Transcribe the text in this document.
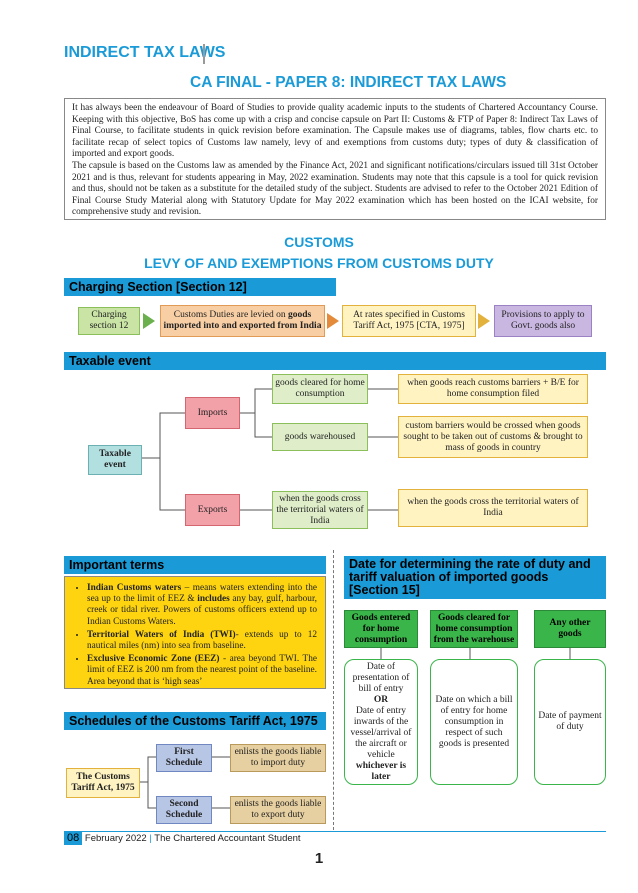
INDIRECT TAX LAWS
CA FINAL - PAPER 8: INDIRECT TAX LAWS

It has always been the endeavour of Board of Studies to provide quality academic inputs to the students of Chartered Accountancy Course. Keeping with this objective, BoS has come up with a crisp and concise capsule on Part II: Customs & FTP of Paper 8: Indirect Tax Laws of Final Course, to facilitate students in quick revision before examination. The Capsule makes use of diagrams, tables, flow charts etc. to facilitate recap of select topics of Customs law namely, levy of and exemptions from customs duty; types of duty & classification of imported and export goods.

The capsule is based on the Customs law as amended by the Finance Act, 2021 and significant notifications/circulars issued till 31st October 2021 and is thus, relevant for students appearing in May, 2022 examination. Students may note that this capsule is a tool for quick revision and thus, should not be taken as a substitute for the detailed study of the subject. Students are advised to refer to the October 2021 Edition of Final Course Study Material along with Statutory Update for May 2022 examination which has been hosted on the ICAI website, for comprehensive study and revision.

CUSTOMS
LEVY OF AND EXEMPTIONS FROM CUSTOMS DUTY
Charging Section [Section 12]
Charging section 12
Customs Duties are levied on goods imported into and exported from India
At rates specified in Customs Tariff Act, 1975 [CTA, 1975]
Provisions to apply to Govt. goods also
Taxable event
Taxable event
Imports
Exports
goods cleared for home consumption
goods warehoused
when the goods cross the territorial waters of India
when goods reach customs barriers + B/E for home consumption filed
custom barriers would be crossed when goods sought to be taken out of customs & brought to mass of goods in country
when the goods cross the territorial waters of India
Important terms
• Indian Customs waters – means waters extending into the sea up to the limit of EEZ & includes any bay, gulf, harbour, creek or tidal river. Powers of customs officers extend up to Indian Customs Waters.
• Territorial Waters of India (TWI)- extends up to 12 nautical miles (nm) into sea from baseline.
• Exclusive Economic Zone (EEZ) - area beyond TWI. The limit of EEZ is 200 nm from the nearest point of the baseline. Area beyond that is ‘high seas’
Schedules of the Customs Tariff Act, 1975
The Customs Tariff Act, 1975
First Schedule
Second Schedule
enlists the goods liable to import duty
enlists the goods liable to export duty
Date for determining the rate of duty and tariff valuation of imported goods [Section 15]
Goods entered for home consumption
Goods cleared for home consumption from the warehouse
Any other goods
Date of presentation of bill of entry
OR
Date of entry inwards of the vessel/arrival of the aircraft or vehicle
whichever is later
Date on which a bill of entry for home consumption in respect of such goods is presented
Date of payment of duty
08 February 2022 | The Chartered Accountant Student
1
